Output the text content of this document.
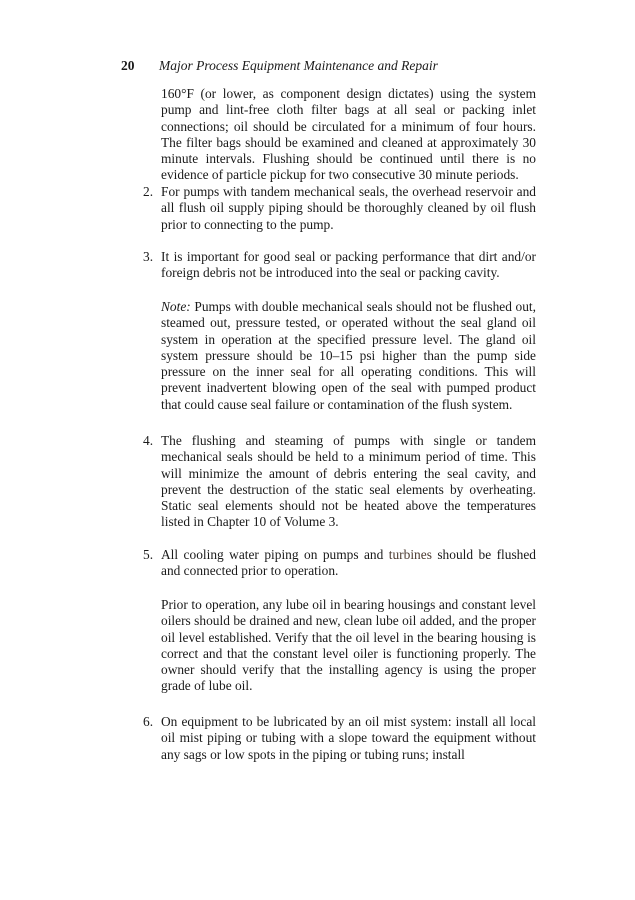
20 Major Process Equipment Maintenance and Repair
160°F (or lower, as component design dictates) using the system pump and lint-free cloth filter bags at all seal or packing inlet connections; oil should be circulated for a minimum of four hours. The filter bags should be examined and cleaned at approximately 30 minute intervals. Flushing should be continued until there is no evidence of particle pickup for two consecutive 30 minute periods.
2. For pumps with tandem mechanical seals, the overhead reservoir and all flush oil supply piping should be thoroughly cleaned by oil flush prior to connecting to the pump.
3. It is important for good seal or packing performance that dirt and/or foreign debris not be introduced into the seal or packing cavity.
Note: Pumps with double mechanical seals should not be flushed out, steamed out, pressure tested, or operated without the seal gland oil system in operation at the specified pressure level. The gland oil system pressure should be 10–15 psi higher than the pump side pressure on the inner seal for all operating conditions. This will prevent inadvertent blowing open of the seal with pumped product that could cause seal failure or contamination of the flush system.
4. The flushing and steaming of pumps with single or tandem mechanical seals should be held to a minimum period of time. This will minimize the amount of debris entering the seal cavity, and prevent the destruction of the static seal elements by overheating. Static seal elements should not be heated above the temperatures listed in Chapter 10 of Volume 3.
5. All cooling water piping on pumps and turbines should be flushed and connected prior to operation.
Prior to operation, any lube oil in bearing housings and constant level oilers should be drained and new, clean lube oil added, and the proper oil level established. Verify that the oil level in the bearing housing is correct and that the constant level oiler is functioning properly. The owner should verify that the installing agency is using the proper grade of lube oil.
6. On equipment to be lubricated by an oil mist system: install all local oil mist piping or tubing with a slope toward the equipment without any sags or low spots in the piping or tubing runs; install
